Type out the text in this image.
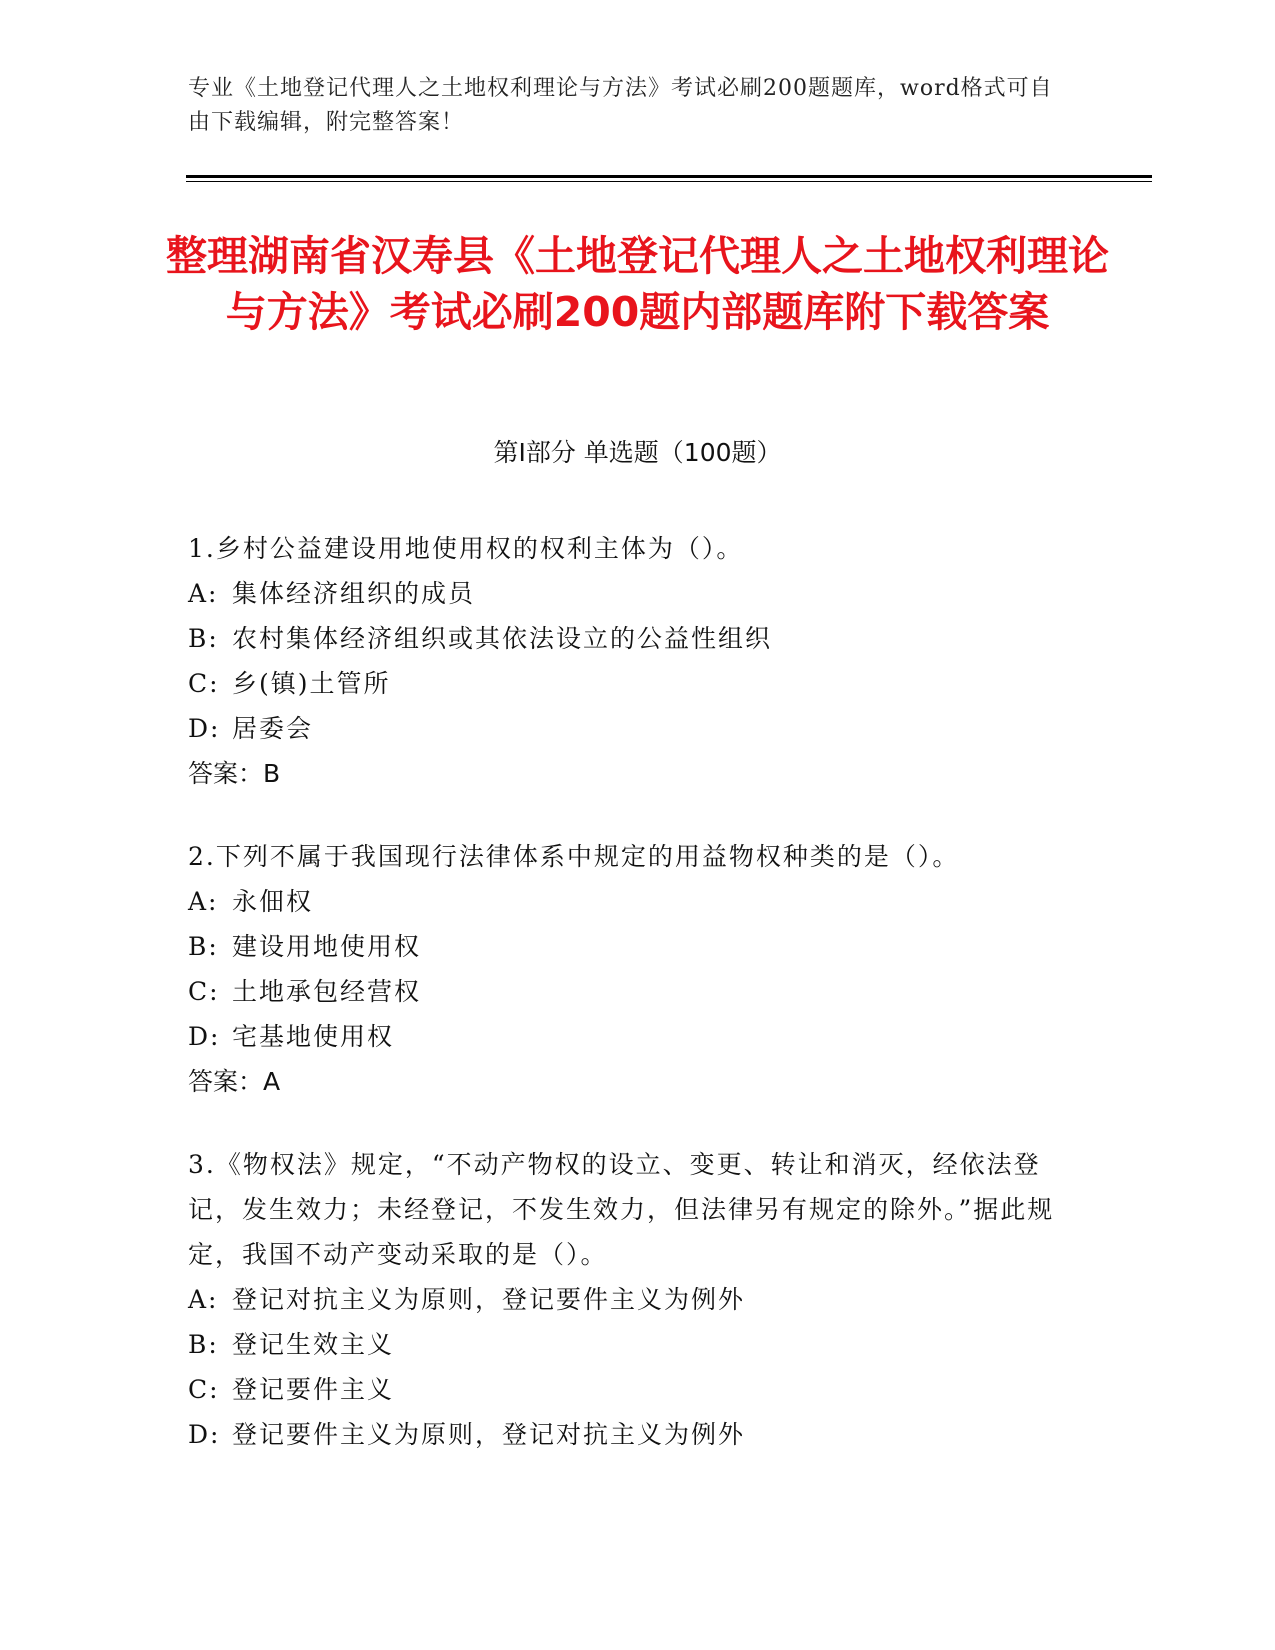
专业《土地登记代理人之土地权利理论与方法》考试必刷200题题库，word格式可自由下载编辑，附完整答案！
整理湖南省汉寿县《土地登记代理人之土地权利理论与方法》考试必刷200题内部题库附下载答案
第Ⅰ部分 单选题（100题）

1.乡村公益建设用地使用权的权利主体为（）。

A: 集体经济组织的成员

B: 农村集体经济组织或其依法设立的公益性组织

C: 乡(镇)土管所

D: 居委会

答案：B

2.下列不属于我国现行法律体系中规定的用益物权种类的是（）。

A: 永佃权

B: 建设用地使用权

C: 土地承包经营权

D: 宅基地使用权

答案：A

3.《物权法》规定，“不动产物权的设立、变更、转让和消灭，经依法登记，发生效力；未经登记，不发生效力，但法律另有规定的除外。”据此规定，我国不动产变动采取的是（）。

A: 登记对抗主义为原则，登记要件主义为例外

B: 登记生效主义

C: 登记要件主义

D: 登记要件主义为原则，登记对抗主义为例外
